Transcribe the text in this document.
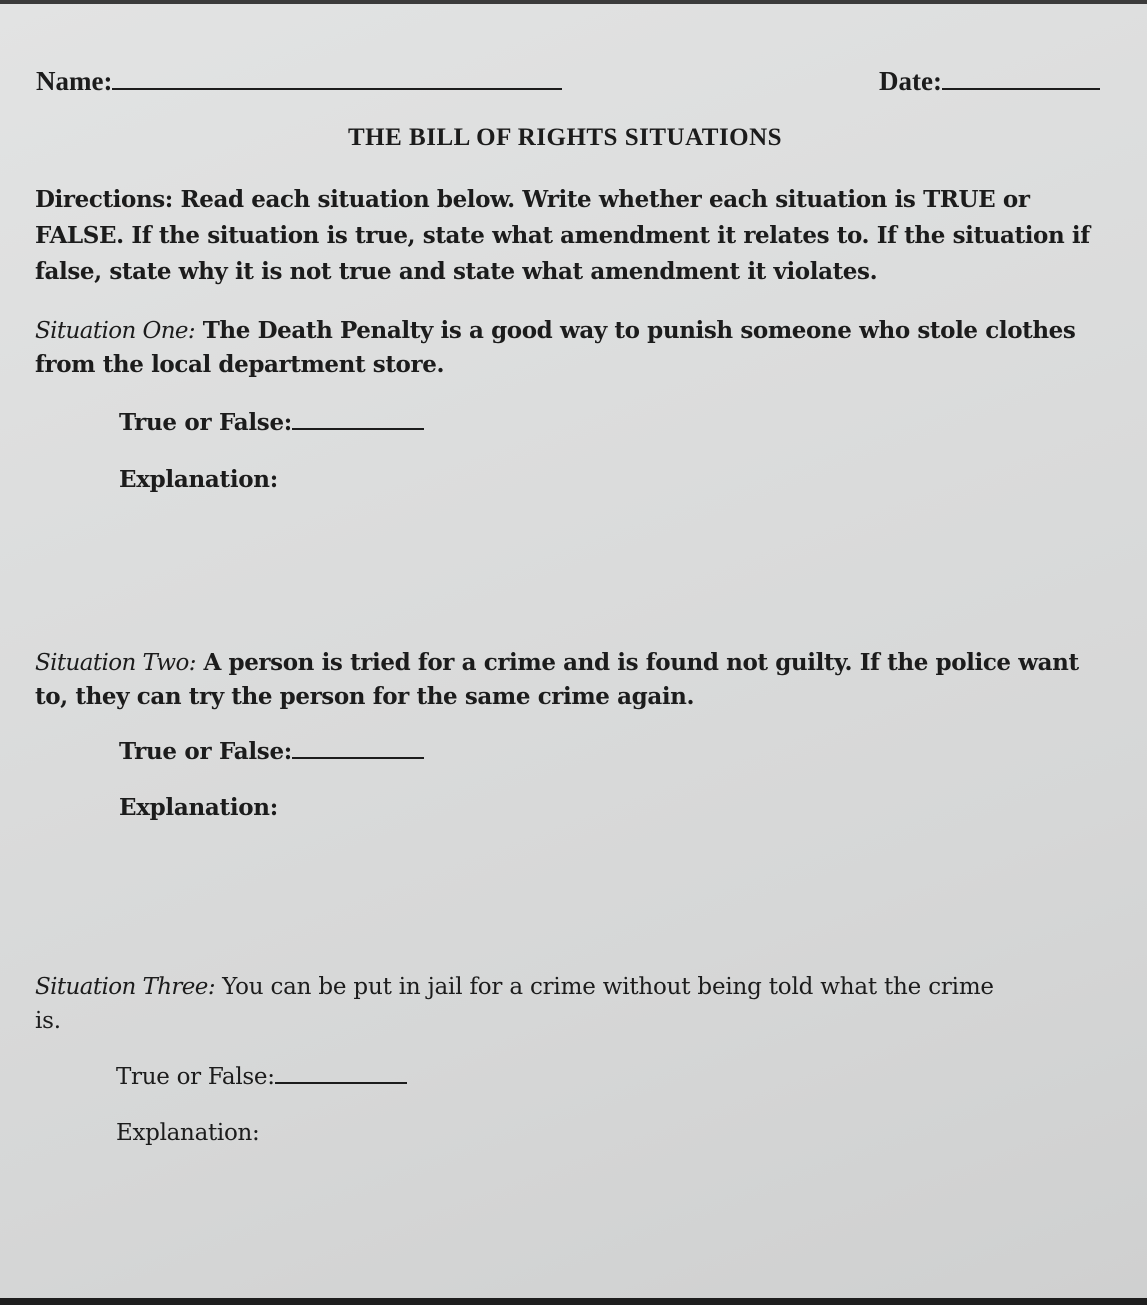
Name:	Date:
THE BILL OF RIGHTS SITUATIONS
Directions: Read each situation below. Write whether each situation is TRUE or
FALSE. If the situation is true, state what amendment it relates to. If the situation if
false, state why it is not true and state what amendment it violates.
Situation One: The Death Penalty is a good way to punish someone who stole clothes
from the local department store.
True or False:
Explanation:
Situation Two: A person is tried for a crime and is found not guilty. If the police want
to, they can try the person for the same crime again.
True or False:
Explanation:
Situation Three: You can be put in jail for a crime without being told what the crime
is.
True or False:
Explanation:
